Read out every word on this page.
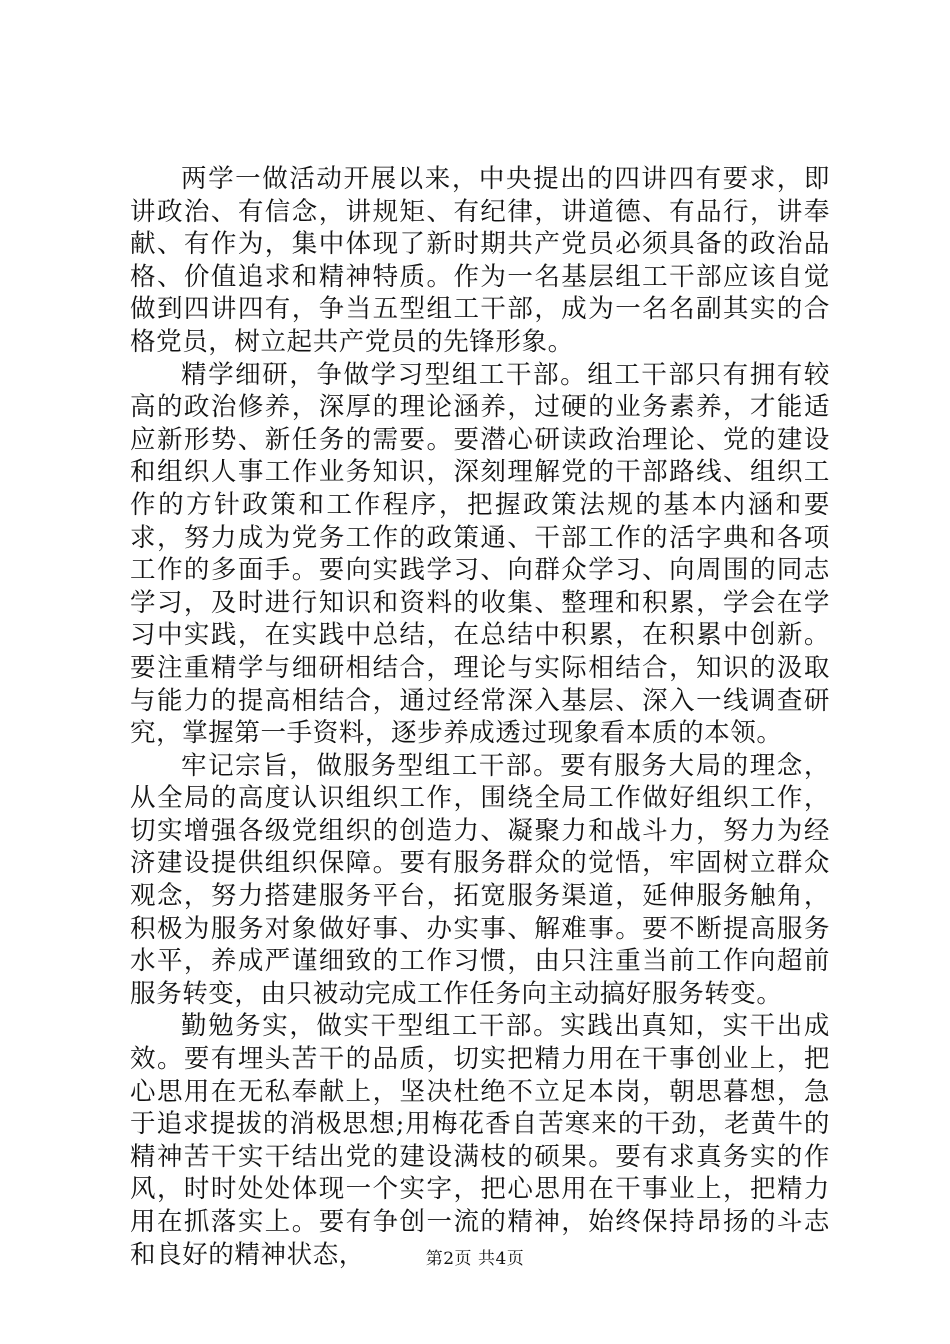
两学一做活动开展以来，中央提出的四讲四有要求，即讲政治、有信念，讲规矩、有纪律，讲道德、有品行，讲奉献、有作为，集中体现了新时期共产党员必须具备的政治品格、价值追求和精神特质。作为一名基层组工干部应该自觉做到四讲四有，争当五型组工干部，成为一名名副其实的合格党员，树立起共产党员的先锋形象。

精学细研，争做学习型组工干部。组工干部只有拥有较高的政治修养，深厚的理论涵养，过硬的业务素养，才能适应新形势、新任务的需要。要潜心研读政治理论、党的建设和组织人事工作业务知识，深刻理解党的干部路线、组织工作的方针政策和工作程序，把握政策法规的基本内涵和要求，努力成为党务工作的政策通、干部工作的活字典和各项工作的多面手。要向实践学习、向群众学习、向周围的同志学习，及时进行知识和资料的收集、整理和积累，学会在学习中实践，在实践中总结，在总结中积累，在积累中创新。要注重精学与细研相结合，理论与实际相结合，知识的汲取与能力的提高相结合，通过经常深入基层、深入一线调查研究，掌握第一手资料，逐步养成透过现象看本质的本领。

牢记宗旨，做服务型组工干部。要有服务大局的理念，从全局的高度认识组织工作，围绕全局工作做好组织工作，切实增强各级党组织的创造力、凝聚力和战斗力，努力为经济建设提供组织保障。要有服务群众的觉悟，牢固树立群众观念，努力搭建服务平台，拓宽服务渠道，延伸服务触角，积极为服务对象做好事、办实事、解难事。要不断提高服务水平，养成严谨细致的工作习惯，由只注重当前工作向超前服务转变，由只被动完成工作任务向主动搞好服务转变。

勤勉务实，做实干型组工干部。实践出真知，实干出成效。要有埋头苦干的品质，切实把精力用在干事创业上，把心思用在无私奉献上，坚决杜绝不立足本岗，朝思暮想，急于追求提拔的消极思想;用梅花香自苦寒来的干劲，老黄牛的精神苦干实干结出党的建设满枝的硕果。要有求真务实的作风，时时处处体现一个实字，把心思用在干事业上，把精力用在抓落实上。要有争创一流的精神，始终保持昂扬的斗志和良好的精神状态，	第2页 共4页
